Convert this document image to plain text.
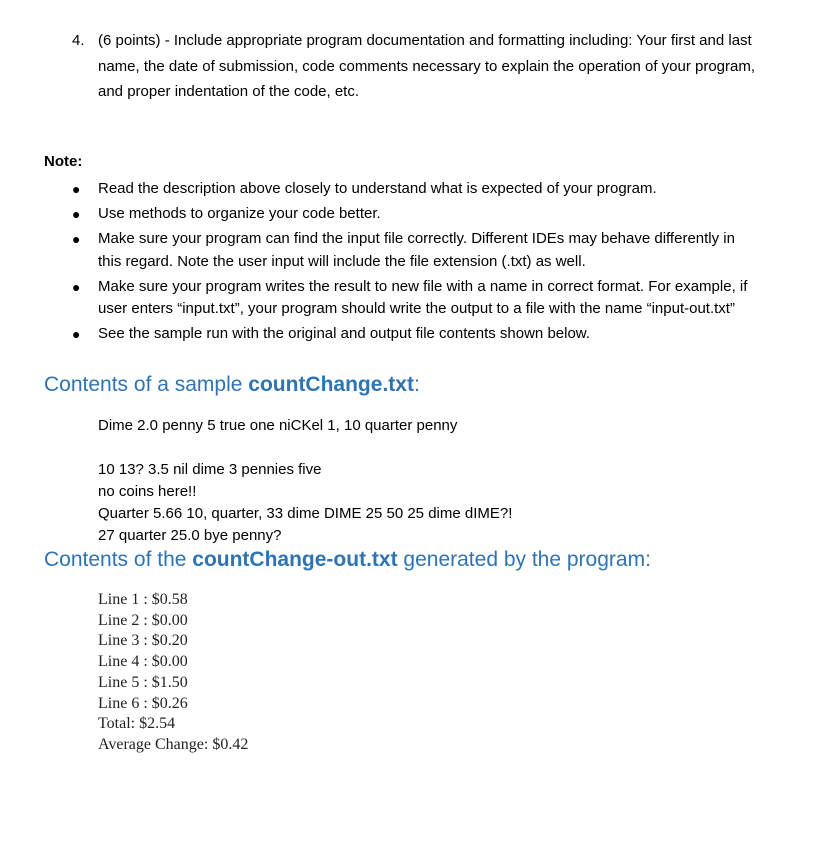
4. (6 points) - Include appropriate program documentation and formatting including: Your first and last name, the date of submission, code comments necessary to explain the operation of your program, and proper indentation of the code, etc.
Note:
● Read the description above closely to understand what is expected of your program.
● Use methods to organize your code better.
● Make sure your program can find the input file correctly. Different IDEs may behave differently in this regard. Note the user input will include the file extension (.txt) as well.
● Make sure your program writes the result to new file with a name in correct format. For example, if user enters “input.txt”, your program should write the output to a file with the name “input-out.txt”
● See the sample run with the original and output file contents shown below.
Contents of a sample countChange.txt:
Dime 2.0 penny 5 true one niCKel 1, 10 quarter penny
10 13? 3.5 nil dime 3 pennies five
no coins here!!
Quarter 5.66 10, quarter, 33 dime DIME 25 50 25 dime dIME?!
27 quarter 25.0 bye penny?
Contents of the countChange-out.txt generated by the program:
Line 1 : $0.58
Line 2 : $0.00
Line 3 : $0.20
Line 4 : $0.00
Line 5 : $1.50
Line 6 : $0.26
Total: $2.54
Average Change: $0.42
